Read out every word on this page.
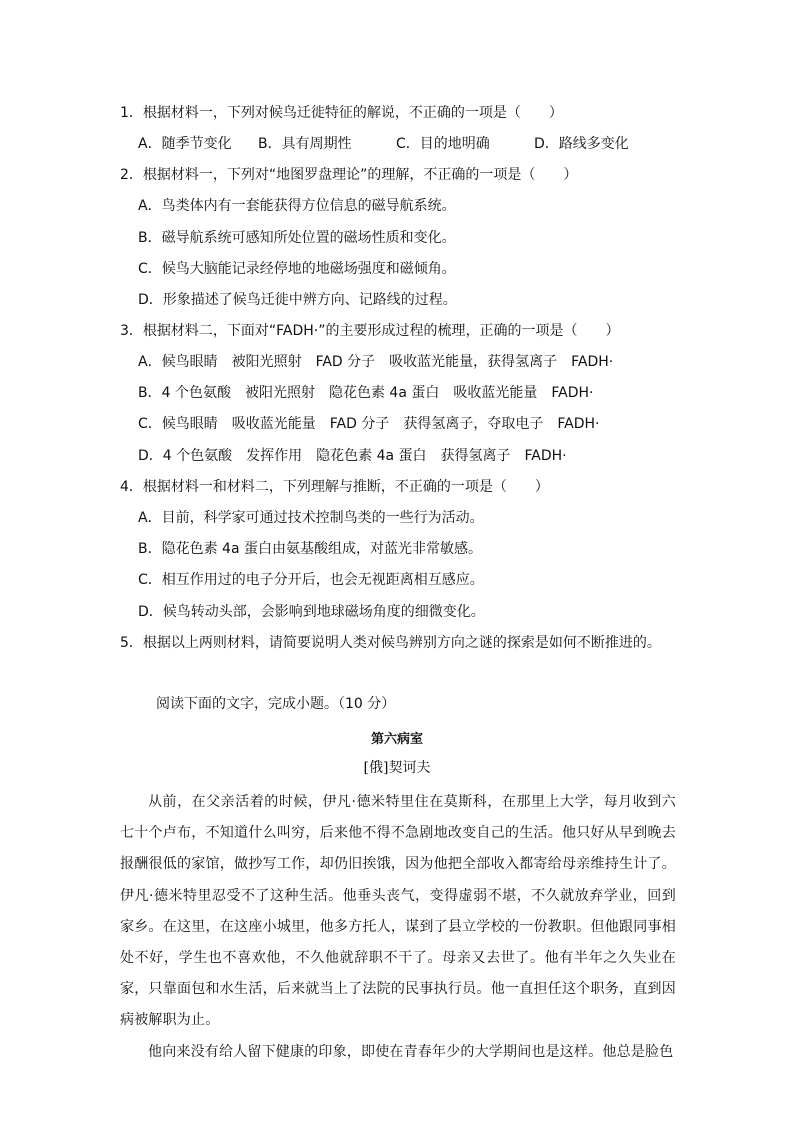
1．根据材料一，下列对候鸟迁徙特征的解说，不正确的一项是（　　）
A．随季节变化 B．具有周期性	C．目的地明确	D．路线多变化
2．根据材料一，下列对“地图罗盘理论”的理解，不正确的一项是（　　）
A．鸟类体内有一套能获得方位信息的磁导航系统。
B．磁导航系统可感知所处位置的磁场性质和变化。
C．候鸟大脑能记录经停地的地磁场强度和磁倾角。
D．形象描述了候鸟迁徙中辨方向、记路线的过程。
3．根据材料二，下面对“FADH·”的主要形成过程的梳理，正确的一项是（　　）
A．候鸟眼睛　被阳光照射　FAD 分子　吸收蓝光能量，获得氢离子　FADH·
B．4 个色氨酸　被阳光照射　隐花色素 4a 蛋白　吸收蓝光能量　FADH·
C．候鸟眼睛　吸收蓝光能量　FAD 分子　获得氢离子，夺取电子　FADH·
D．4 个色氨酸　发挥作用　隐花色素 4a 蛋白　获得氢离子　FADH·
4．根据材料一和材料二，下列理解与推断，不正确的一项是（　　）
A．目前，科学家可通过技术控制鸟类的一些行为活动。
B．隐花色素 4a 蛋白由氨基酸组成，对蓝光非常敏感。
C．相互作用过的电子分开后，也会无视距离相互感应。
D．候鸟转动头部，会影响到地球磁场角度的细微变化。
5．根据以上两则材料，请简要说明人类对候鸟辨别方向之谜的探索是如何不断推进的。
阅读下面的文字，完成小题。（10 分）
第六病室
[俄]契诃夫

从前，在父亲活着的时候，伊凡·德米特里住在莫斯科，在那里上大学，每月收到六七十个卢布，不知道什么叫穷，后来他不得不急剧地改变自己的生活。他只好从早到晚去报酬很低的家馆，做抄写工作，却仍旧挨饿，因为他把全部收入都寄给母亲维持生计了。伊凡·德米特里忍受不了这种生活。他垂头丧气，变得虚弱不堪，不久就放弃学业，回到家乡。在这里，在这座小城里，他多方托人，谋到了县立学校的一份教职。但他跟同事相处不好，学生也不喜欢他，不久他就辞职不干了。母亲又去世了。他有半年之久失业在家，只靠面包和水生活，后来就当上了法院的民事执行员。他一直担任这个职务，直到因病被解职为止。

他向来没有给人留下健康的印象，即使在青春年少的大学期间也是这样。他总是脸色
